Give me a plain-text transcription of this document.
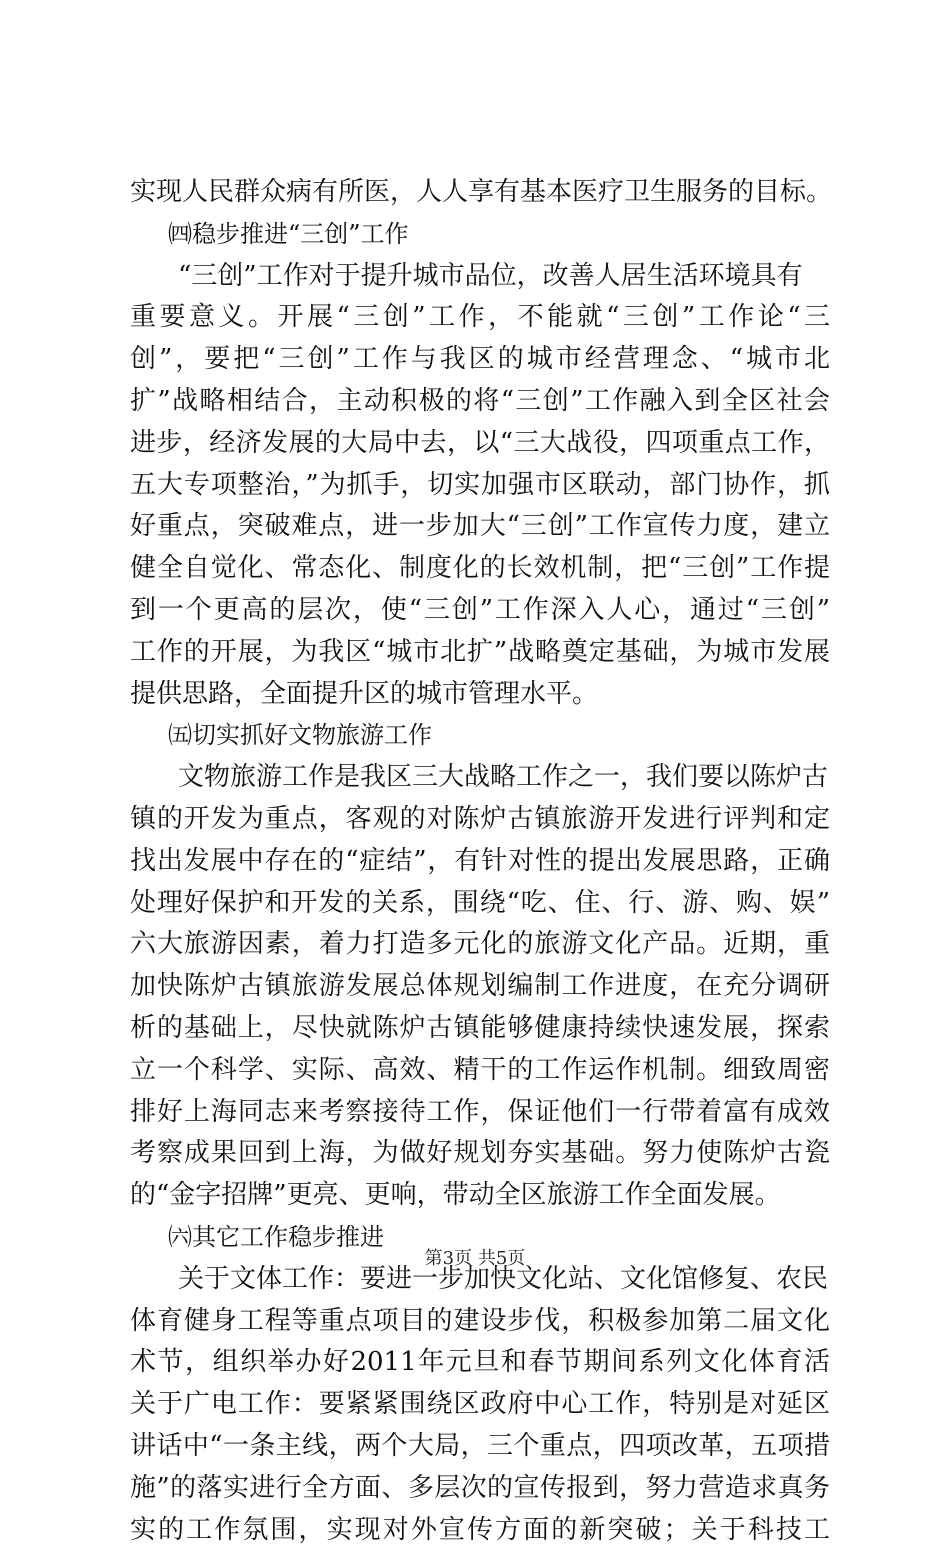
实现人民群众病有所医，人人享有基本医疗卫生服务的目标。
㈣稳步推进“三创”工作
“三创”工作对于提升城市品位，改善人居生活环境具有
重要意义。开展“三创”工作，不能就“三创”工作论“三
创”，要把“三创”工作与我区的城市经营理念、“城市北
扩”战略相结合，主动积极的将“三创”工作融入到全区社会
进步，经济发展的大局中去，以“三大战役，四项重点工作，
五大专项整治，”为抓手，切实加强市区联动，部门协作，抓
好重点，突破难点，进一步加大“三创”工作宣传力度，建立
健全自觉化、常态化、制度化的长效机制，把“三创”工作提
到一个更高的层次，使“三创”工作深入人心，通过“三创”
工作的开展，为我区“城市北扩”战略奠定基础，为城市发展
提供思路，全面提升区的城市管理水平。
㈤切实抓好文物旅游工作
文物旅游工作是我区三大战略工作之一，我们要以陈炉古
镇的开发为重点，客观的对陈炉古镇旅游开发进行评判和定
找出发展中存在的“症结”，有针对性的提出发展思路，正确
处理好保护和开发的关系，围绕“吃、住、行、游、购、娱”
六大旅游因素，着力打造多元化的旅游文化产品。近期，重
加快陈炉古镇旅游发展总体规划编制工作进度，在充分调研
析的基础上，尽快就陈炉古镇能够健康持续快速发展，探索
立一个科学、实际、高效、精干的工作运作机制。细致周密
排好上海同志来考察接待工作，保证他们一行带着富有成效
考察成果回到上海，为做好规划夯实基础。努力使陈炉古瓷
的“金字招牌”更亮、更响，带动全区旅游工作全面发展。
㈥其它工作稳步推进
关于文体工作：要进一步加快文化站、文化馆修复、农民
体育健身工程等重点项目的建设步伐，积极参加第二届文化
术节，组织举办好2011年元旦和春节期间系列文化体育活
关于广电工作：要紧紧围绕区政府中心工作，特别是对延区
讲话中“一条主线，两个大局，三个重点，四项改革，五项措
施”的落实进行全方面、多层次的宣传报到，努力营造求真务
实的工作氛围，实现对外宣传方面的新突破；关于科技工
第3页 共5页
